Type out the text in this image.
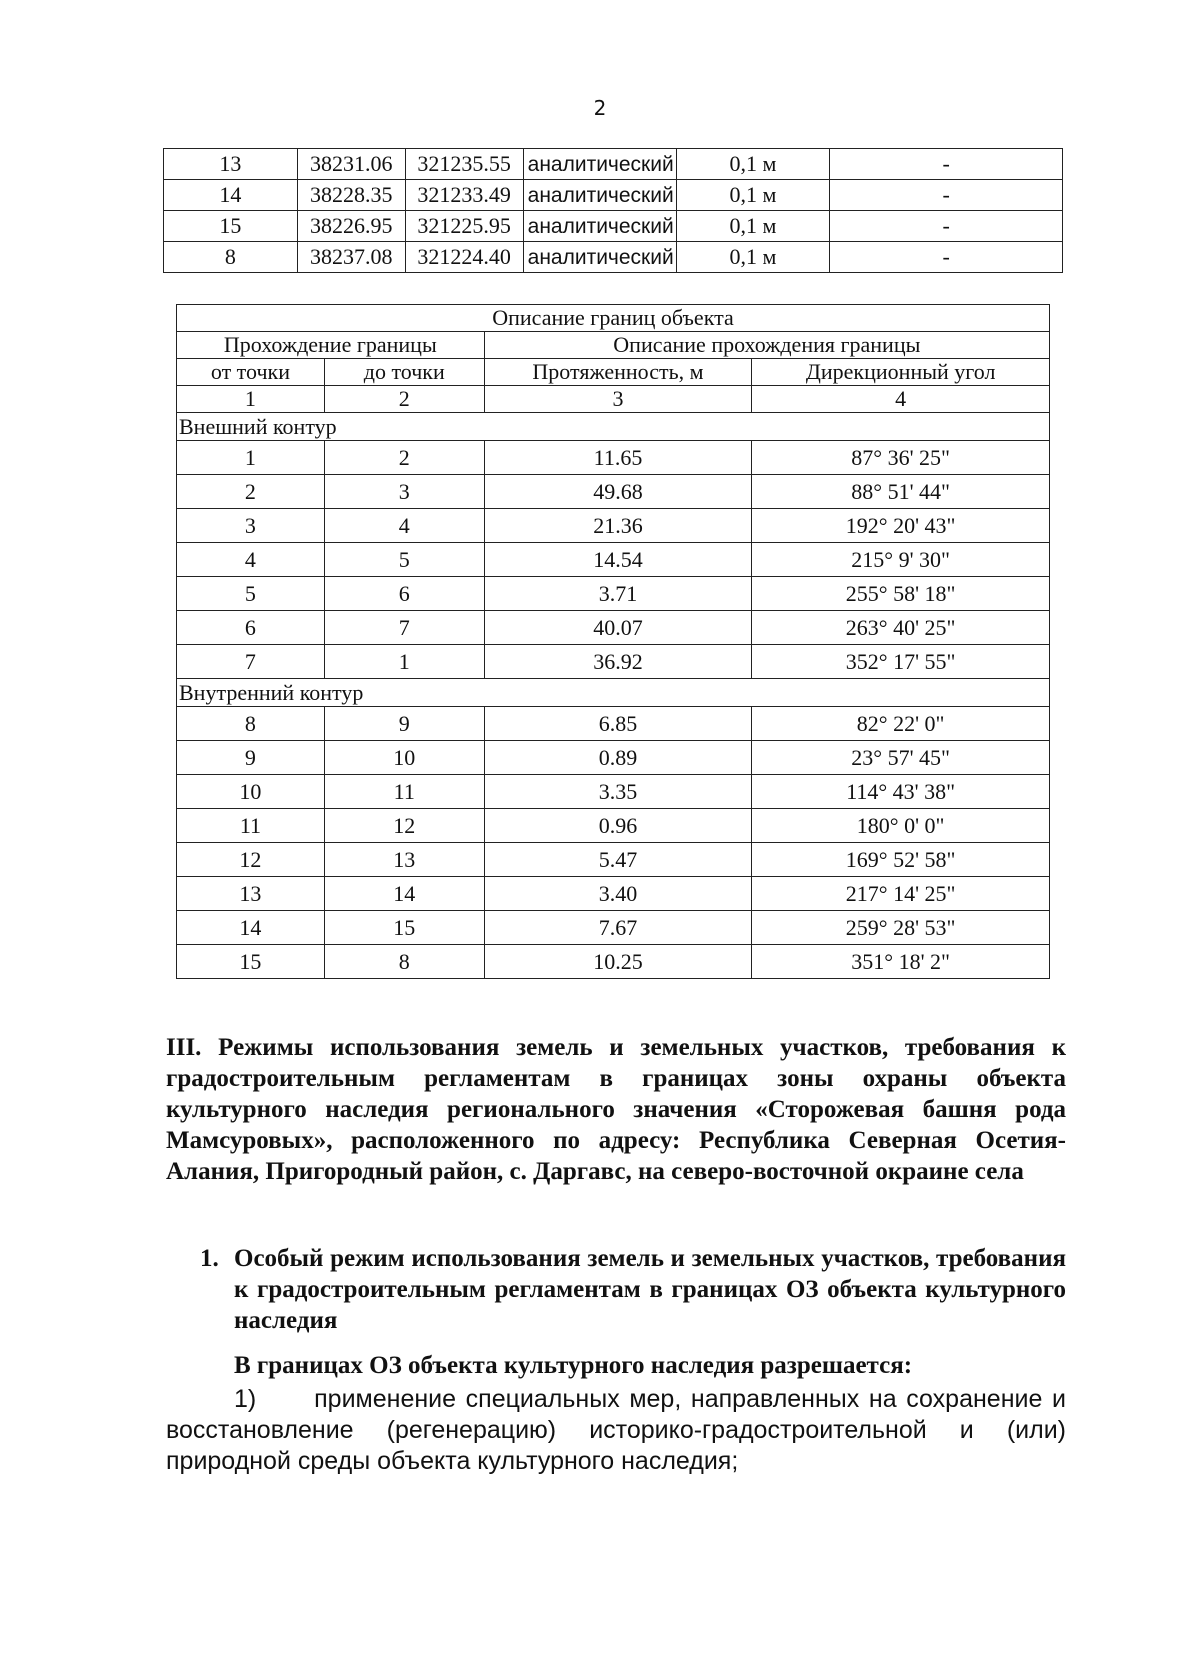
2
13	38231.06	321235.55	аналитический	0,1 м	-
14	38228.35	321233.49	аналитический	0,1 м	-
15	38226.95	321225.95	аналитический	0,1 м	-
8	38237.08	321224.40	аналитический	0,1 м	-
Описание границ объекта			
Прохождение границы		Описание прохождения границы	
от точки	до точки	Протяженность, м	Дирекционный угол
1	2	3	4
Внешний контур			
1	2	11.65	87° 36' 25"
2	3	49.68	88° 51' 44"
3	4	21.36	192° 20' 43"
4	5	14.54	215° 9' 30"
5	6	3.71	255° 58' 18"
6	7	40.07	263° 40' 25"
7	1	36.92	352° 17' 55"
Внутренний контур			
8	9	6.85	82° 22' 0"
9	10	0.89	23° 57' 45"
10	11	3.35	114° 43' 38"
11	12	0.96	180° 0' 0"
12	13	5.47	169° 52' 58"
13	14	3.40	217° 14' 25"
14	15	7.67	259° 28' 53"
15	8	10.25	351° 18' 2"
III. Режимы использования земель и земельных участков, требования к градостроительным регламентам в границах зоны охраны объекта культурного наследия регионального значения «Сторожевая башня рода Мамсуровых», расположенного по адресу: Республика Северная Осетия-Алания, Пригородный район, с. Даргавс, на северо-восточной окраине села
1. Особый режим использования земель и земельных участков, требования к градостроительным регламентам в границах ОЗ объекта культурного наследия
В границах ОЗ объекта культурного наследия разрешается:
1) применение специальных мер, направленных на сохранение и
восстановление (регенерацию) историко-градостроительной и (или)
природной среды объекта культурного наследия;
